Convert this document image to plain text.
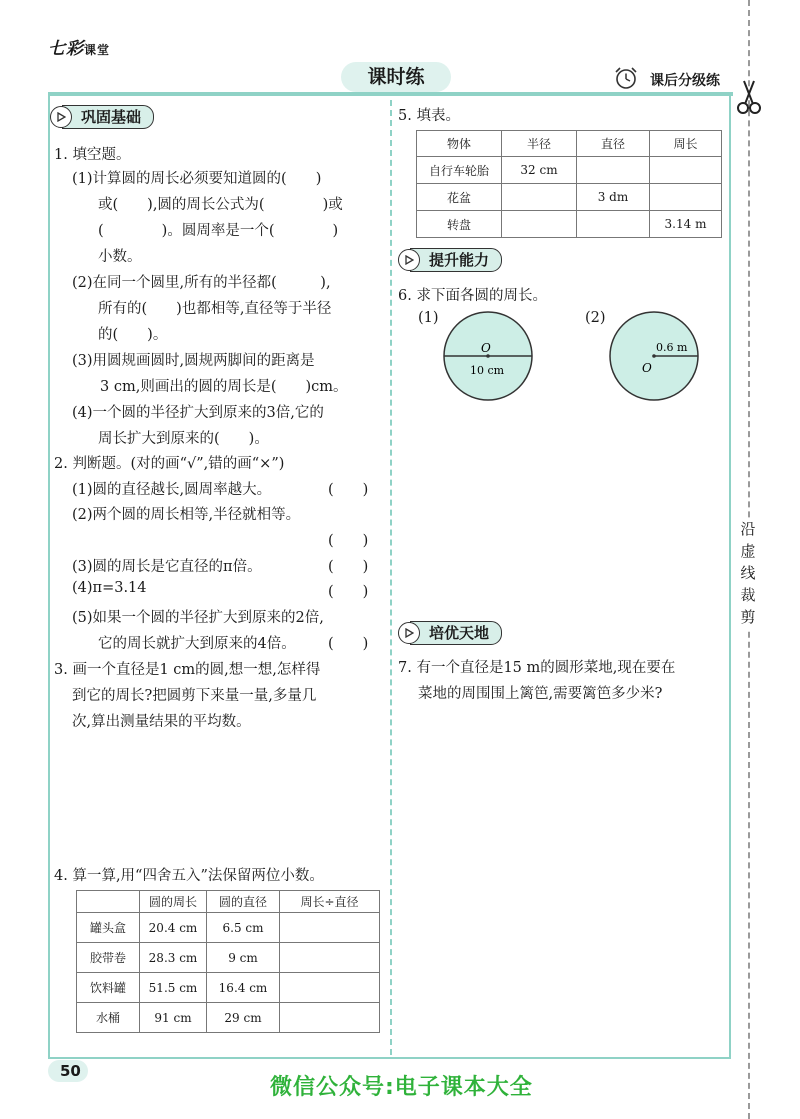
七彩课堂
课时练	课后分级练
沿虚线裁剪
巩固基础
1. 填空题。
(1)计算圆的周长必须要知道圆的(　　)
或(　　),圆的周长公式为(　　　　)或
(　　　　)。圆周率是一个(　　　　)
小数。
(2)在同一个圆里,所有的半径都(　　　),
所有的(　　)也都相等,直径等于半径
的(　　)。
(3)用圆规画圆时,圆规两脚间的距离是
3 cm,则画出的圆的周长是(　　)cm。
(4)一个圆的半径扩大到原来的3倍,它的
周长扩大到原来的(　　)。
2. 判断题。(对的画“√”,错的画“×”)
(1)圆的直径越长,圆周率越大。	(　　)
(2)两个圆的周长相等,半径就相等。
(　　)
(3)圆的周长是它直径的π倍。	(　　)
(4)π=3.14	(　　)
(5)如果一个圆的半径扩大到原来的2倍,
它的周长就扩大到原来的4倍。 (　　)
3. 画一个直径是1 cm的圆,想一想,怎样得
到它的周长?把圆剪下来量一量,多量几
次,算出测量结果的平均数。
4. 算一算,用“四舍五入”法保留两位小数。
	圆的周长	圆的直径	周长÷直径
罐头盒	20.4 cm	6.5 cm	
胶带卷	28.3 cm	9 cm	
饮料罐	51.5 cm	16.4 cm	
水桶	91 cm	29 cm	
5. 填表。
物体	半径	直径	周长
自行车轮胎	32 cm		
花盆		3 dm	
转盘			3.14 m
提升能力
6. 求下面各圆的周长。
(1)
O
10 cm
(2)
0.6 m
O
培优天地
7. 有一个直径是15 m的圆形菜地,现在要在
菜地的周围围上篱笆,需要篱笆多少米?
50
微信公众号:电子课本大全
